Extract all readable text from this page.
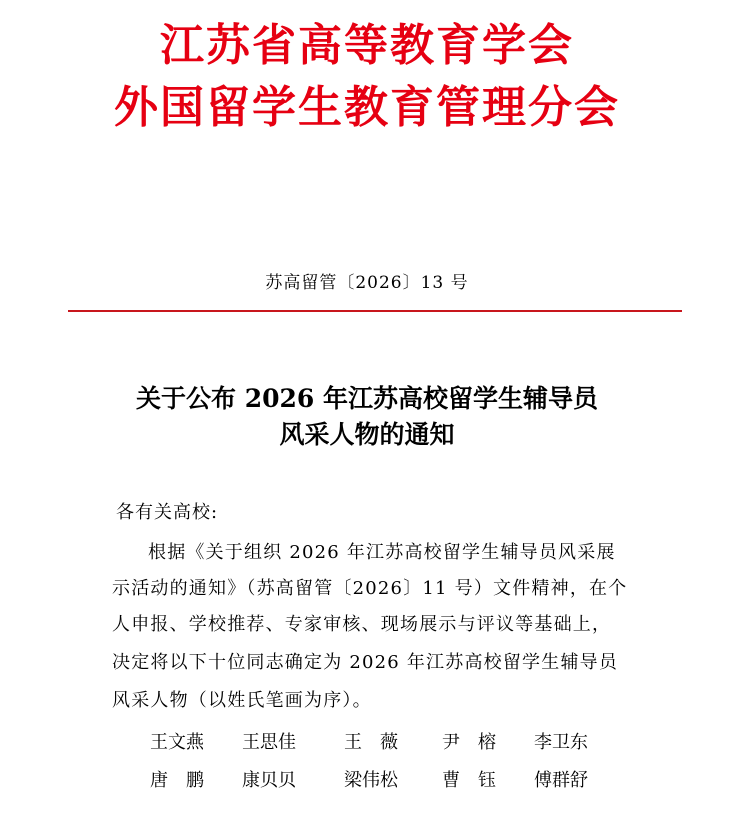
江苏省高等教育学会
外国留学生教育管理分会
苏高留管〔2026〕13 号
关于公布 2026 年江苏高校留学生辅导员
风采人物的通知
各有关高校:
根据《关于组织 2026 年江苏高校留学生辅导员风采展
示活动的通知》（苏高留管〔2026〕11 号）文件精神，在个
人申报、学校推荐、专家审核、现场展示与评议等基础上，
决定将以下十位同志确定为 2026 年江苏高校留学生辅导员
风采人物（以姓氏笔画为序）。
王文燕 王思佳	王　薇 尹　榕 李卫东
唐　鹏 康贝贝	梁伟松 曹　钰 傅群舒
